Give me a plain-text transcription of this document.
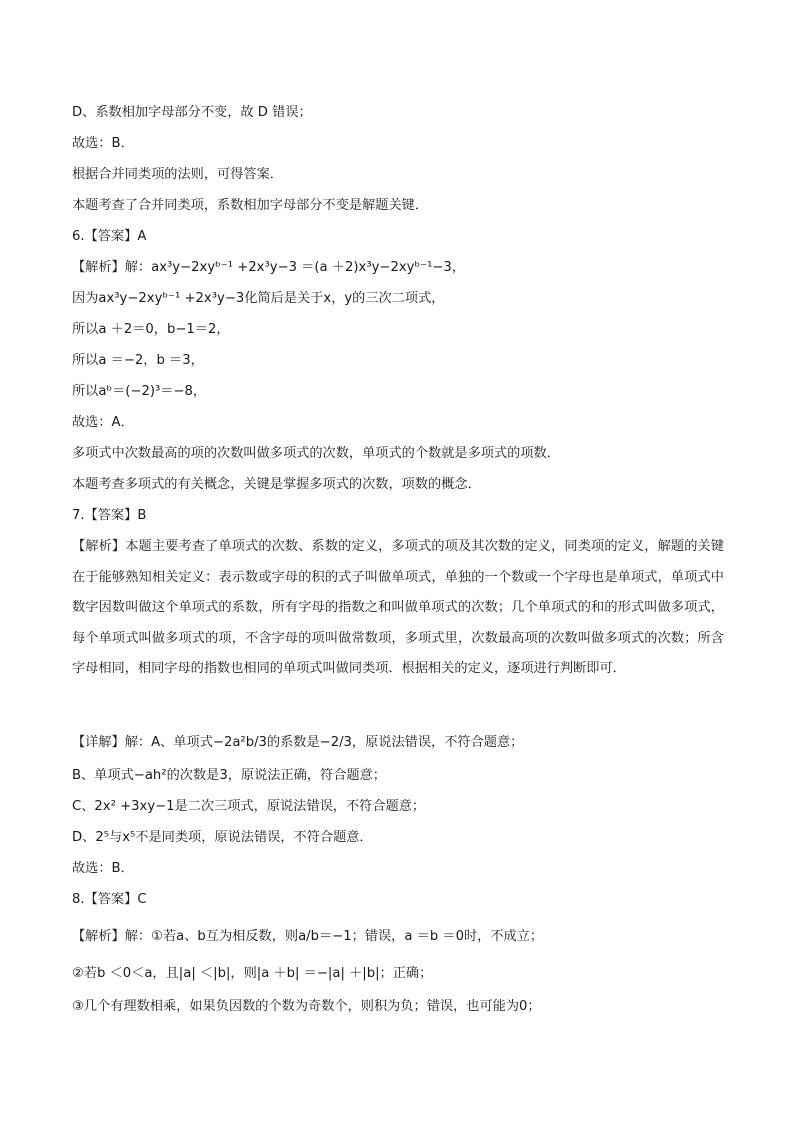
D、系数相加字母部分不变，故 D 错误；
故选：B．
根据合并同类项的法则，可得答案．
本题考查了合并同类项，系数相加字母部分不变是解题关键．
6.【答案】A
【解析】解：ax³y−2xyᵇ⁻¹ +2x³y−3 ＝(a ＋2)x³y−2xyᵇ⁻¹−3，
因为ax³y−2xyᵇ⁻¹ +2x³y−3化简后是关于x，y的三次二项式，
所以a ＋2＝0，b−1＝2，
所以a ＝−2，b ＝3，
所以aᵇ＝(−2)³＝−8，
故选：A．
多项式中次数最高的项的次数叫做多项式的次数，单项式的个数就是多项式的项数．
本题考查多项式的有关概念，关键是掌握多项式的次数，项数的概念．
7.【答案】B
【解析】本题主要考查了单项式的次数、系数的定义，多项式的项及其次数的定义，同类项的定义，解题的关键在于能够熟知相关定义：表示数或字母的积的式子叫做单项式，单独的一个数或一个字母也是单项式，单项式中数字因数叫做这个单项式的系数，所有字母的指数之和叫做单项式的次数；几个单项式的和的形式叫做多项式，每个单项式叫做多项式的项，不含字母的项叫做常数项，多项式里，次数最高项的次数叫做多项式的次数；所含字母相同，相同字母的指数也相同的单项式叫做同类项．根据相关的定义，逐项进行判断即可．
【详解】解：A、单项式−2a²b/3的系数是−2/3，原说法错误，不符合题意；
B、单项式−ah²的次数是3，原说法正确，符合题意；
C、2x² +3xy−1是二次三项式，原说法错误，不符合题意；
D、2⁵与x⁵不是同类项，原说法错误，不符合题意．
故选：B．
8.【答案】C
【解析】解：①若a、b互为相反数，则a/b＝−1；错误，a ＝b ＝0时，不成立；
②若b ＜0＜a，且|a| ＜|b|，则|a ＋b| ＝−|a| ＋|b|；正确；
③几个有理数相乘，如果负因数的个数为奇数个，则积为负；错误，也可能为0；
